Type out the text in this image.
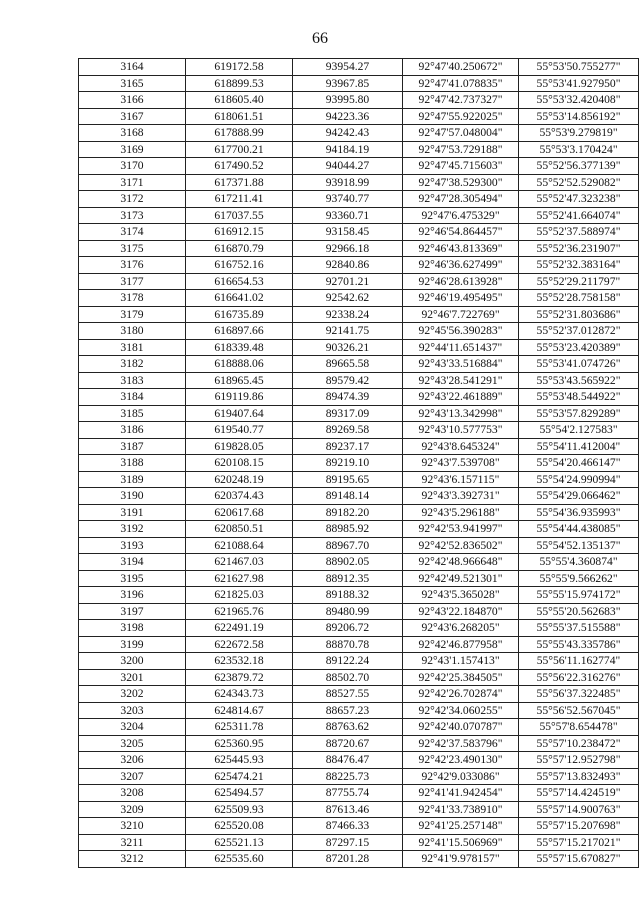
66
3164	619172.58	93954.27	92°47'40.250672"	55°53'50.755277"
3165	618899.53	93967.85	92°47'41.078835"	55°53'41.927950"
3166	618605.40	93995.80	92°47'42.737327"	55°53'32.420408"
3167	618061.51	94223.36	92°47'55.922025"	55°53'14.856192"
3168	617888.99	94242.43	92°47'57.048004"	55°53'9.279819"
3169	617700.21	94184.19	92°47'53.729188"	55°53'3.170424"
3170	617490.52	94044.27	92°47'45.715603"	55°52'56.377139"
3171	617371.88	93918.99	92°47'38.529300"	55°52'52.529082"
3172	617211.41	93740.77	92°47'28.305494"	55°52'47.323238"
3173	617037.55	93360.71	92°47'6.475329"	55°52'41.664074"
3174	616912.15	93158.45	92°46'54.864457"	55°52'37.588974"
3175	616870.79	92966.18	92°46'43.813369"	55°52'36.231907"
3176	616752.16	92840.86	92°46'36.627499"	55°52'32.383164"
3177	616654.53	92701.21	92°46'28.613928"	55°52'29.211797"
3178	616641.02	92542.62	92°46'19.495495"	55°52'28.758158"
3179	616735.89	92338.24	92°46'7.722769"	55°52'31.803686"
3180	616897.66	92141.75	92°45'56.390283"	55°52'37.012872"
3181	618339.48	90326.21	92°44'11.651437"	55°53'23.420389"
3182	618888.06	89665.58	92°43'33.516884"	55°53'41.074726"
3183	618965.45	89579.42	92°43'28.541291"	55°53'43.565922"
3184	619119.86	89474.39	92°43'22.461889"	55°53'48.544922"
3185	619407.64	89317.09	92°43'13.342998"	55°53'57.829289"
3186	619540.77	89269.58	92°43'10.577753"	55°54'2.127583"
3187	619828.05	89237.17	92°43'8.645324"	55°54'11.412004"
3188	620108.15	89219.10	92°43'7.539708"	55°54'20.466147"
3189	620248.19	89195.65	92°43'6.157115"	55°54'24.990994"
3190	620374.43	89148.14	92°43'3.392731"	55°54'29.066462"
3191	620617.68	89182.20	92°43'5.296188"	55°54'36.935993"
3192	620850.51	88985.92	92°42'53.941997"	55°54'44.438085"
3193	621088.64	88967.70	92°42'52.836502"	55°54'52.135137"
3194	621467.03	88902.05	92°42'48.966648"	55°55'4.360874"
3195	621627.98	88912.35	92°42'49.521301"	55°55'9.566262"
3196	621825.03	89188.32	92°43'5.365028"	55°55'15.974172"
3197	621965.76	89480.99	92°43'22.184870"	55°55'20.562683"
3198	622491.19	89206.72	92°43'6.268205"	55°55'37.515588"
3199	622672.58	88870.78	92°42'46.877958"	55°55'43.335786"
3200	623532.18	89122.24	92°43'1.157413"	55°56'11.162774"
3201	623879.72	88502.70	92°42'25.384505"	55°56'22.316276"
3202	624343.73	88527.55	92°42'26.702874"	55°56'37.322485"
3203	624814.67	88657.23	92°42'34.060255"	55°56'52.567045"
3204	625311.78	88763.62	92°42'40.070787"	55°57'8.654478"
3205	625360.95	88720.67	92°42'37.583796"	55°57'10.238472"
3206	625445.93	88476.47	92°42'23.490130"	55°57'12.952798"
3207	625474.21	88225.73	92°42'9.033086"	55°57'13.832493"
3208	625494.57	87755.74	92°41'41.942454"	55°57'14.424519"
3209	625509.93	87613.46	92°41'33.738910"	55°57'14.900763"
3210	625520.08	87466.33	92°41'25.257148"	55°57'15.207698"
3211	625521.13	87297.15	92°41'15.506969"	55°57'15.217021"
3212	625535.60	87201.28	92°41'9.978157"	55°57'15.670827"
